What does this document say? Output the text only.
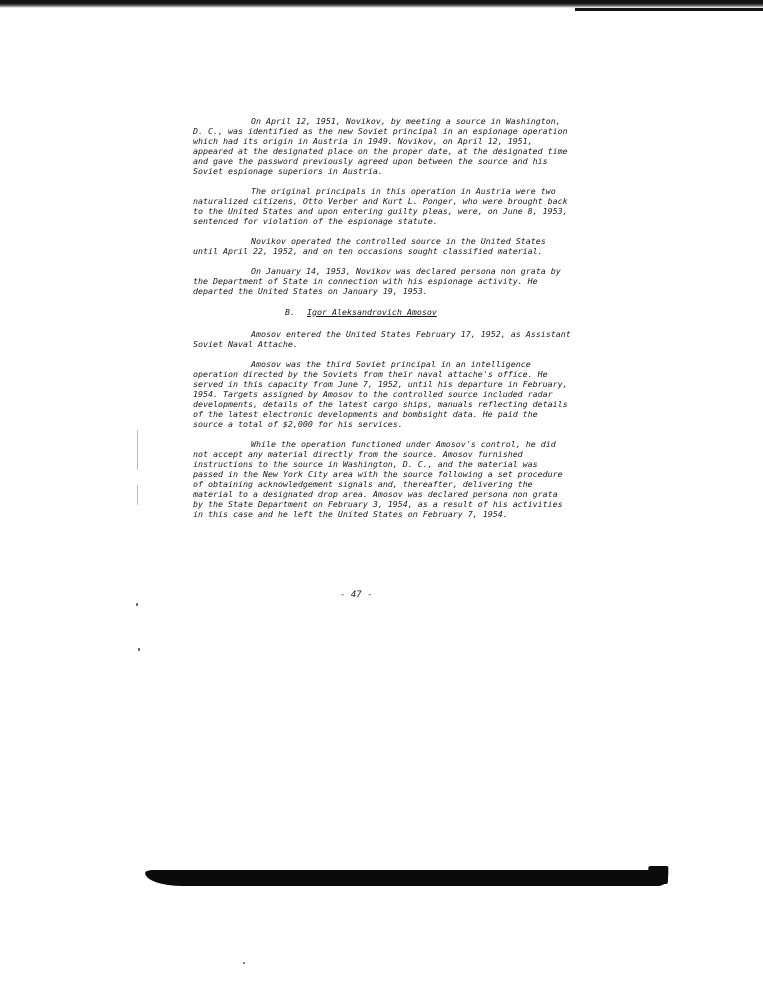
On April 12, 1951, Novikov, by meeting a source in Washington, D. C., was identified as the new Soviet principal in an espionage operation which had its origin in Austria in 1949. Novikov, on April 12, 1951, appeared at the designated place on the proper date, at the designated time and gave the password previously agreed upon between the source and his Soviet espionage superiors in Austria.

The original principals in this operation in Austria were two naturalized citizens, Otto Verber and Kurt L. Ponger, who were brought back to the United States and upon entering guilty pleas, were, on June 8, 1953, sentenced for violation of the espionage statute.

Novikov operated the controlled source in the United States until April 22, 1952, and on ten occasions sought classified material.

On January 14, 1953, Novikov was declared persona non grata by the Department of State in connection with his espionage activity. He departed the United States on January 19, 1953.

B. Igor Aleksandrovich Amosov

Amosov entered the United States February 17, 1952, as Assistant Soviet Naval Attache.

Amosov was the third Soviet principal in an intelligence operation directed by the Soviets from their naval attache's office. He served in this capacity from June 7, 1952, until his departure in February, 1954. Targets assigned by Amosov to the controlled source included radar developments, details of the latest cargo ships, manuals reflecting details of the latest electronic developments and bombsight data. He paid the source a total of $2,000 for his services.

While the operation functioned under Amosov's control, he did not accept any material directly from the source. Amosov furnished instructions to the source in Washington, D. C., and the material was passed in the New York City area with the source following a set procedure of obtaining acknowledgement signals and, thereafter, delivering the material to a designated drop area. Amosov was declared persona non grata by the State Department on February 3, 1954, as a result of his activities in this case and he left the United States on February 7, 1954.

- 47 -
